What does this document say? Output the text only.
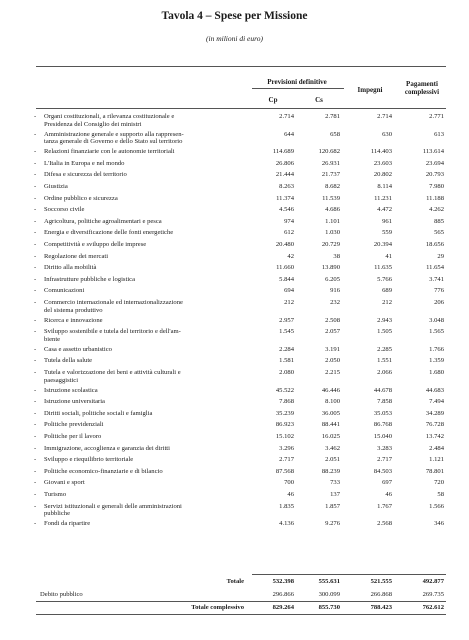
Tavola 4 – Spese per Missione
(in milioni di euro)
Previsioni definitive
Cp	Cs
Impegni
Pagamenti
complessivi
- Organi costituzionali, a rilevanza costituzionale e
Presidenza del Consiglio dei ministri
2.714	2.781	2.714	2.771
- Amministrazione generale e supporto alla rappresen-
tanza generale di Governo e dello Stato sul territorio
644	658	630	613
- Relazioni finanziarie con le autonomie territoriali	114.689	120.682	114.403	113.614
- L'Italia in Europa e nel mondo	26.806	26.931	23.603	23.694
- Difesa e sicurezza del territorio	21.444	21.737	20.802	20.793
- Giustizia	8.263	8.682	8.114	7.980
- Ordine pubblico e sicurezza	11.374	11.539	11.231	11.188
- Soccorso civile	4.546	4.686	4.472	4.262
- Agricoltura, politiche agroalimentari e pesca	974	1.101	961	885
- Energia e diversificazione delle fonti energetiche	612	1.030	559	565
- Competitività e sviluppo delle imprese	20.480	20.729	20.394	18.656
- Regolazione dei mercati	42	38	41	29
- Diritto alla mobilità	11.660	13.890	11.635	11.654
- Infrastrutture pubbliche e logistica	5.844	6.205	5.766	3.741
- Comunicazioni	694	916	689	776
- Commercio internazionale ed internazionalizzazione
del sistema produttivo
212	232	212	206
- Ricerca e innovazione	2.957	2.508	2.943	3.048
- Sviluppo sostenibile e tutela del territorio e dell'am-
biente
1.545	2.057	1.505	1.565
- Casa e assetto urbanistico	2.284	3.191	2.285	1.766
- Tutela della salute	1.581	2.050	1.551	1.359
- Tutela e valorizzazione dei beni e attività culturali e
paesaggistici
2.080	2.215	2.066	1.680
- Istruzione scolastica	45.522	46.446	44.678	44.683
- Istruzione universitaria	7.868	8.100	7.858	7.494
- Diritti sociali, politiche sociali e famiglia	35.239	36.005	35.053	34.289
- Politiche previdenziali	86.923	88.441	86.768	76.728
- Politiche per il lavoro	15.102	16.025	15.040	13.742
- Immigrazione, accoglienza e garanzia dei diritti	3.296	3.462	3.283	2.484
- Sviluppo e riequilibrio territoriale	2.717	2.051	2.717	1.121
- Politiche economico-finanziarie e di bilancio	87.568	88.239	84.503	78.801
- Giovani e sport	700	733	697	720
- Turismo	46	137	46	58
- Servizi istituzionali e generali delle amministrazioni
pubbliche
1.835	1.857	1.767	1.566
- Fondi da ripartire	4.136	9.276	2.568	346
Totale	532.398	555.631	521.555	492.877
Debito pubblico	296.866	300.099	266.868	269.735
Totale complessivo	829.264	855.730	788.423	762.612
